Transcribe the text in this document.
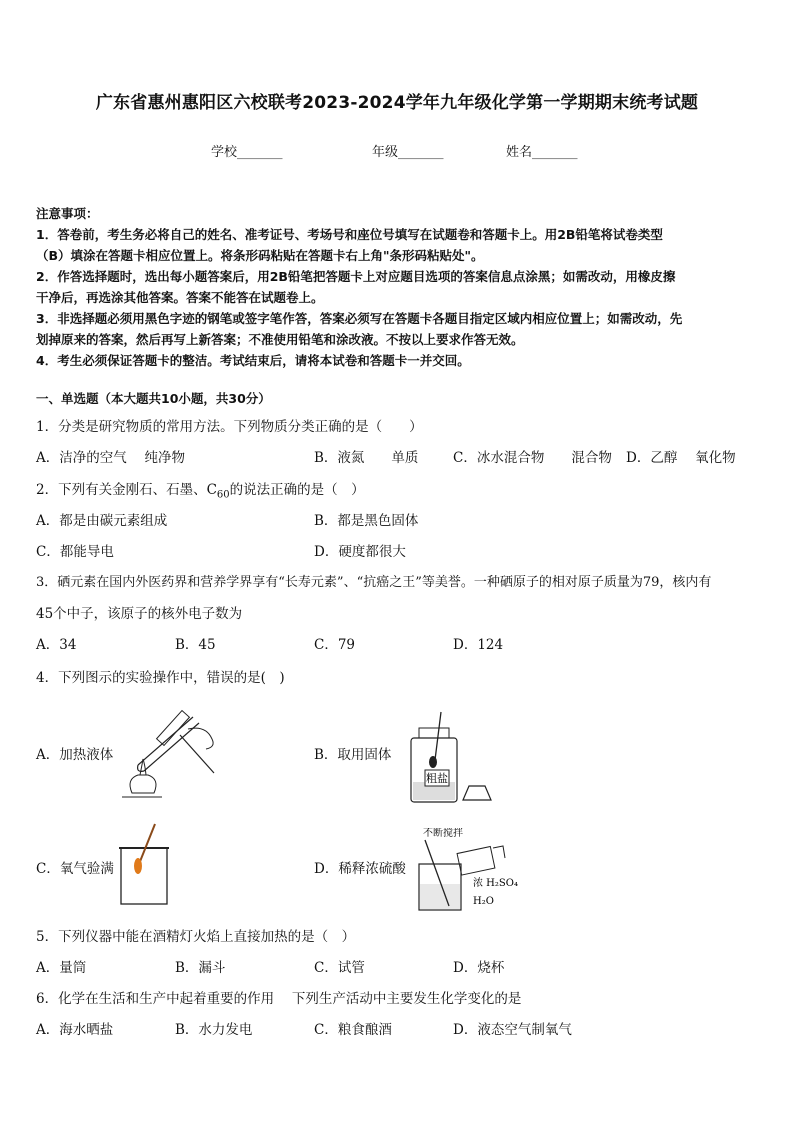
广东省惠州惠阳区六校联考2023-2024学年九年级化学第一学期期末统考试题
学校_______	年级_______	姓名_______
注意事项：
1．答卷前，考生务必将自己的姓名、准考证号、考场号和座位号填写在试题卷和答题卡上。用2B铅笔将试卷类型
（B）填涂在答题卡相应位置上。将条形码粘贴在答题卡右上角"条形码粘贴处"。
2．作答选择题时，选出每小题答案后，用2B铅笔把答题卡上对应题目选项的答案信息点涂黑；如需改动，用橡皮擦
干净后，再选涂其他答案。答案不能答在试题卷上。
3．非选择题必须用黑色字迹的钢笔或签字笔作答，答案必须写在答题卡各题目指定区域内相应位置上；如需改动，先
划掉原来的答案，然后再写上新答案；不准使用铅笔和涂改液。不按以上要求作答无效。
4．考生必须保证答题卡的整洁。考试结束后，请将本试卷和答题卡一并交回。
一、单选题（本大题共10小题，共30分）
1．分类是研究物质的常用方法。下列物质分类正确的是（　　）
A．洁净的空气　 纯净物	B．液氮　　单质	C．冰水混合物　　混合物 D．乙醇　 氧化物
2．下列有关金刚石、石墨、$C_{60}$的说法正确的是（　）
A．都是由碳元素组成	B．都是黑色固体
C．都能导电	D．硬度都很大
3．硒元素在国内外医药界和营养学界享有“长寿元素”、“抗癌之王”等美誉。一种硒原子的相对原子质量为79，核内有
45个中子，该原子的核外电子数为
A．34	B．45	C．79	D．124
4．下列图示的实验操作中，错误的是(　)
A．加热液体	B．取用固体
C．氧气验满	D．稀释浓硫酸
粗盐
不断搅拌
浓 H₂SO₄
H₂O
5．下列仪器中能在酒精灯火焰上直接加热的是（　）
A．量筒	B．漏斗	C．试管	D．烧杯
6．化学在生活和生产中起着重要的作用　 下列生产活动中主要发生化学变化的是
A．海水晒盐	B．水力发电	C．粮食酿酒	D．液态空气制氧气
